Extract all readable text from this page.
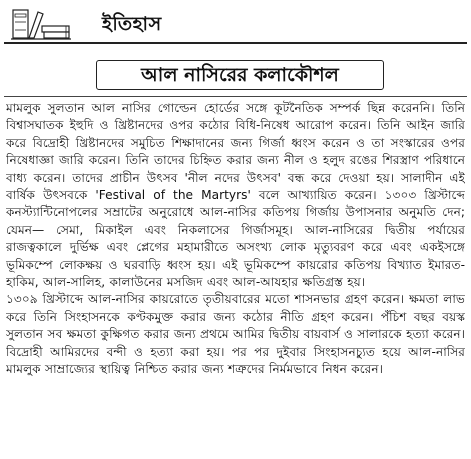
ইতিহাস
আল নাসিরের কলাকৌশল

মামলুক সুলতান আল নাসির গোল্ডেন হোর্ডের সঙ্গে কূটনৈতিক সম্পর্ক ছিন্ন করেননি। তিনি বিশ্বাসঘাতক ইহুদি ও খ্রিষ্টানদের ওপর কঠোর বিধি-নিষেধ আরোপ করেন। তিনি আইন জারি করে বিদ্রোহী খ্রিষ্টানদের সমুচিত শিক্ষাদানের জন্য গির্জা ধ্বংস করেন ও তা সংস্কারের ওপর নিষেধাজ্ঞা জারি করেন। তিনি তাদের চিহ্নিত করার জন্য নীল ও হলুদ রঙের শিরস্ত্রাণ পরিধানে বাধ্য করেন। তাদের প্রাচীন উৎসব 'নীল নদের উৎসব' বন্ধ করে দেওয়া হয়। সালাদীন এই বার্ষিক উৎসবকে 'Festival of the Martyrs' বলে আখ্যায়িত করেন। ১৩০৩ খ্রিস্টাব্দে কনস্ট্যান্টিনোপলের সম্রাটের অনুরোধে আল-নাসির কতিপয় গির্জায় উপাসনার অনুমতি দেন; যেমন— সেমা, মিকাইল এবং নিকলাসের গির্জাসমূহ। আল-নাসিরের দ্বিতীয় পর্যায়ের রাজত্বকালে দুর্ভিক্ষ এবং প্লেগের মহামারীতে অসংখ্য লোক মৃত্যুবরণ করে এবং একইসঙ্গে ভূমিকম্পে লোকক্ষয় ও ঘরবাড়ি ধ্বংস হয়। এই ভূমিকম্পে কায়রোর কতিপয় বিখ্যাত ইমারত-হাকিম, আল-সালিহ, কালাউনের মসজিদ এবং আল-আযহার ক্ষতিগ্রস্ত হয়।

১৩০৯ খ্রিস্টাব্দে আল-নাসির কায়রোতে তৃতীয়বারের মতো শাসনভার গ্রহণ করেন। ক্ষমতা লাভ করে তিনি সিংহাসনকে কণ্টকমুক্ত করার জন্য কঠোর নীতি গ্রহণ করেন। পঁচিশ বছর বয়স্ক সুলতান সব ক্ষমতা কুক্ষিগত করার জন্য প্রথমে আমির দ্বিতীয় বায়বার্স ও সালারকে হত্যা করেন। বিদ্রোহী আমিরদের বন্দী ও হত্যা করা হয়। পর পর দুইবার সিংহাসনচ্যুত হয়ে আল-নাসির মামলুক সাম্রাজ্যের স্থায়িত্ব নিশ্চিত করার জন্য শত্রুদের নির্মমভাবে নিধন করেন।
